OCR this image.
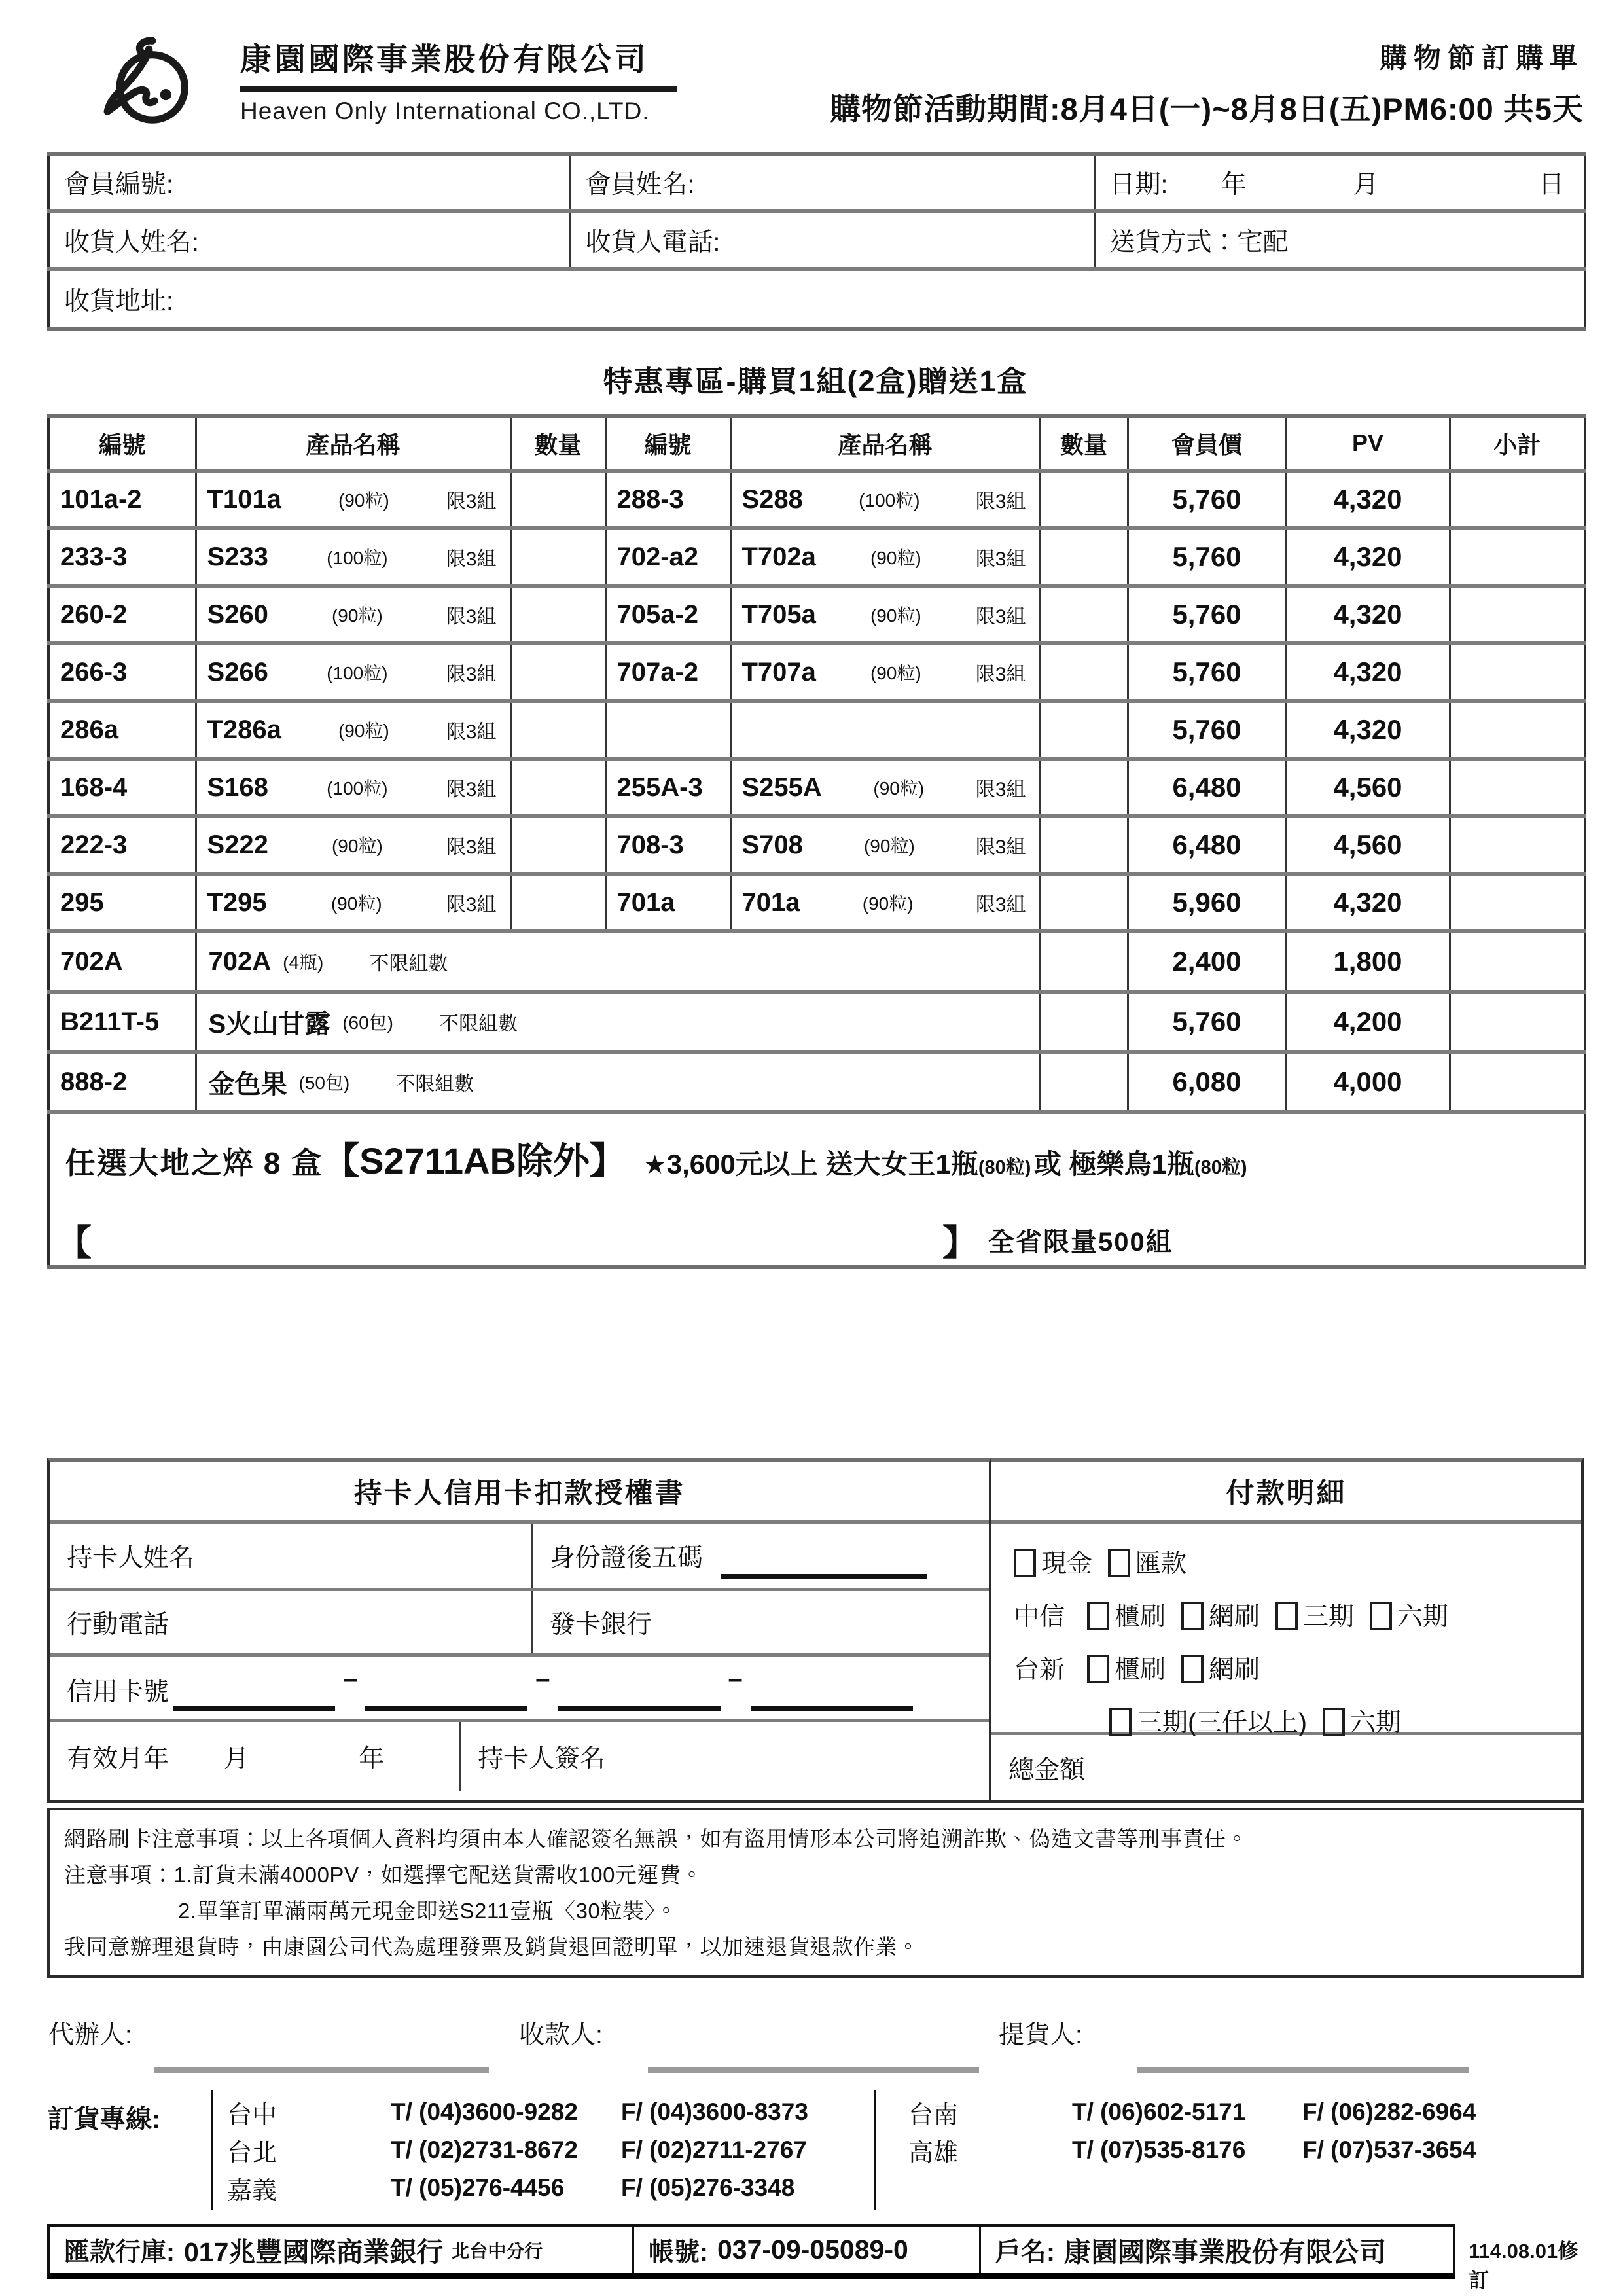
康園國際事業股份有限公司
Heaven Only International CO.,LTD.
購物節訂購單
購物節活動期間:8月4日(一)~8月8日(五)PM6:00 共5天
會員編號:	會員姓名:	日期: 年 月 日

收貨人姓名:	收貨人電話:	送貨方式：宅配
收貨地址:		
特惠專區-購買1組(2盒)贈送1盒
編號	產品名稱	數量	編號	產品名稱	數量	會員價	PV	小計
101a-2	T101a (90粒) 限3組		288-3	S288 (100粒) 限3組		5,760	4,320	
233-3	S233 (100粒) 限3組		702-a2	T702a (90粒) 限3組		5,760	4,320	
260-2	S260 (90粒) 限3組		705a-2	T705a (90粒) 限3組		5,760	4,320	
266-3	S266 (100粒) 限3組		707a-2	T707a (90粒) 限3組		5,760	4,320	
286a	T286a (90粒) 限3組					5,760	4,320	
168-4	S168 (100粒) 限3組		255A-3	S255A (90粒) 限3組		6,480	4,560	
222-3	S222 (90粒) 限3組		708-3	S708 (90粒) 限3組		6,480	4,560	
295	T295 (90粒) 限3組		701a	701a (90粒) 限3組		5,960	4,320	
702A	702A (4瓶) 不限組數					2,400	1,800	
B211T-5	S火山甘露 (60包) 不限組數					5,760	4,200	
888-2	金色果 (50包) 不限組數					6,080	4,000	

任選大地之焠 8 盒【S2711AB除外】 ★3,600元以上 送大女王1瓶(80粒) 或 極樂鳥1瓶(80粒)
【 】 全省限量500組								
持卡人信用卡扣款授權書
持卡人姓名	身份證後五碼
行動電話	發卡銀行
信用卡號	–	–	–
有效月年	月	年	持卡人簽名
付款明細
現金 匯款
中信 櫃刷 網刷 三期 六期
台新 櫃刷 網刷
三期(三仟以上) 六期
總金額
網路刷卡注意事項：以上各項個人資料均須由本人確認簽名無誤，如有盜用情形本公司將追溯詐欺、偽造文書等刑事責任。
注意事項：1.訂貨未滿4000PV，如選擇宅配送貨需收100元運費。
2.單筆訂單滿兩萬元現金即送S211壹瓶〈30粒裝〉。
我同意辦理退貨時，由康園公司代為處理發票及銷貨退回證明單，以加速退貨退款作業。
代辦人:	收款人:	提貨人:
訂貨專線:	台中	T/ (04)3600-9282	F/ (04)3600-8373
台北	T/ (02)2731-8672	F/ (02)2711-2767
嘉義	T/ (05)276-4456	F/ (05)276-3348
台南	T/ (06)602-5171	F/ (06)282-6964
高雄	T/ (07)535-8176	F/ (07)537-3654
匯款行庫: 017兆豐國際商業銀行 北台中分行	帳號: 037-09-05089-0	戶名: 康園國際事業股份有限公司	114.08.01修訂
